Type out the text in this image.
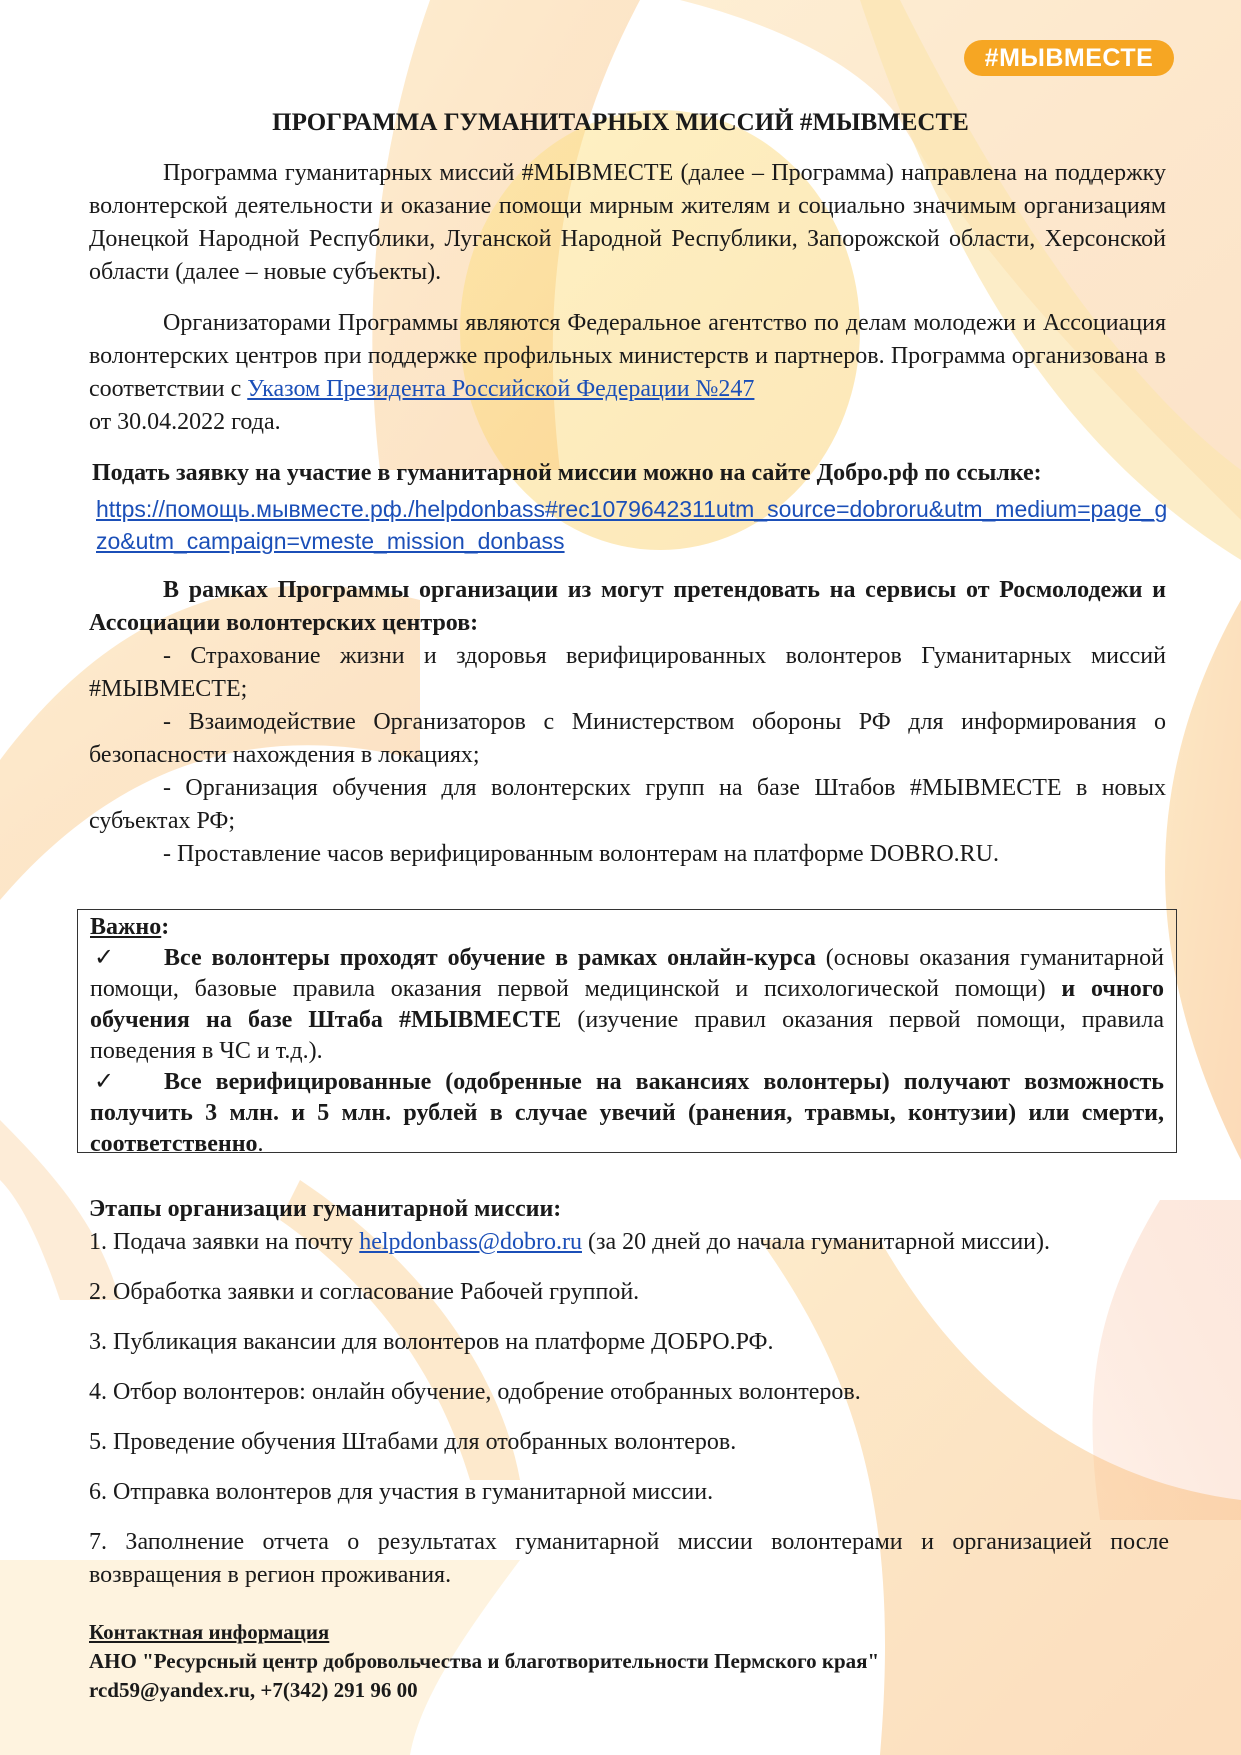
#МЫВМЕСТЕ
ПРОГРАММА ГУМАНИТАРНЫХ МИССИЙ #МЫВМЕСТЕ
Программа гуманитарных миссий #МЫВМЕСТЕ (далее – Программа) направлена на поддержку волонтерской деятельности и оказание помощи мирным жителям и социально значимым организациям Донецкой Народной Республики, Луганской Народной Республики, Запорожской области, Херсонской области (далее – новые субъекты).
Организаторами Программы являются Федеральное агентство по делам молодежи и Ассоциация волонтерских центров при поддержке профильных министерств и партнеров. Программа организована в соответствии с Указом Президента Российской Федерации №247
от 30.04.2022 года.
Подать заявку на участие в гуманитарной миссии можно на сайте Добро.рф по ссылке:
https://помощь.мывместе.рф./helpdonbass#rec1079642311utm_source=dobroru&utm_medium=page_gzo&utm_campaign=vmeste_mission_donbass
В рамках Программы организации из могут претендовать на сервисы от Росмолодежи и Ассоциации волонтерских центров:
- Страхование жизни и здоровья верифицированных волонтеров Гуманитарных миссий #МЫВМЕСТЕ;
- Взаимодействие Организаторов с Министерством обороны РФ для информирования о безопасности нахождения в локациях;
- Организация обучения для волонтерских групп на базе Штабов #МЫВМЕСТЕ в новых субъектах РФ;
- Проставление часов верифицированным волонтерам на платформе DOBRO.RU.
Важно:
✓	Все волонтеры проходят обучение в рамках онлайн-курса (основы оказания гуманитарной помощи, базовые правила оказания первой медицинской и психологической помощи) и очного обучения на базе Штаба #МЫВМЕСТЕ (изучение правил оказания первой помощи, правила поведения в ЧС и т.д.).
✓	Все верифицированные (одобренные на вакансиях волонтеры) получают возможность получить 3 млн. и 5 млн. рублей в случае увечий (ранения, травмы, контузии) или смерти, соответственно.
Этапы организации гуманитарной миссии:
1. Подача заявки на почту helpdonbass@dobro.ru (за 20 дней до начала гуманитарной миссии).
2. Обработка заявки и согласование Рабочей группой.
3. Публикация вакансии для волонтеров на платформе ДОБРО.РФ.
4. Отбор волонтеров: онлайн обучение, одобрение отобранных волонтеров.
5. Проведение обучения Штабами для отобранных волонтеров.
6. Отправка волонтеров для участия в гуманитарной миссии.
7. Заполнение отчета о результатах гуманитарной миссии волонтерами и организацией после возвращения в регион проживания.
Контактная информация
АНО "Ресурсный центр добровольчества и благотворительности Пермского края"
rcd59@yandex.ru, +7(342) 291 96 00
